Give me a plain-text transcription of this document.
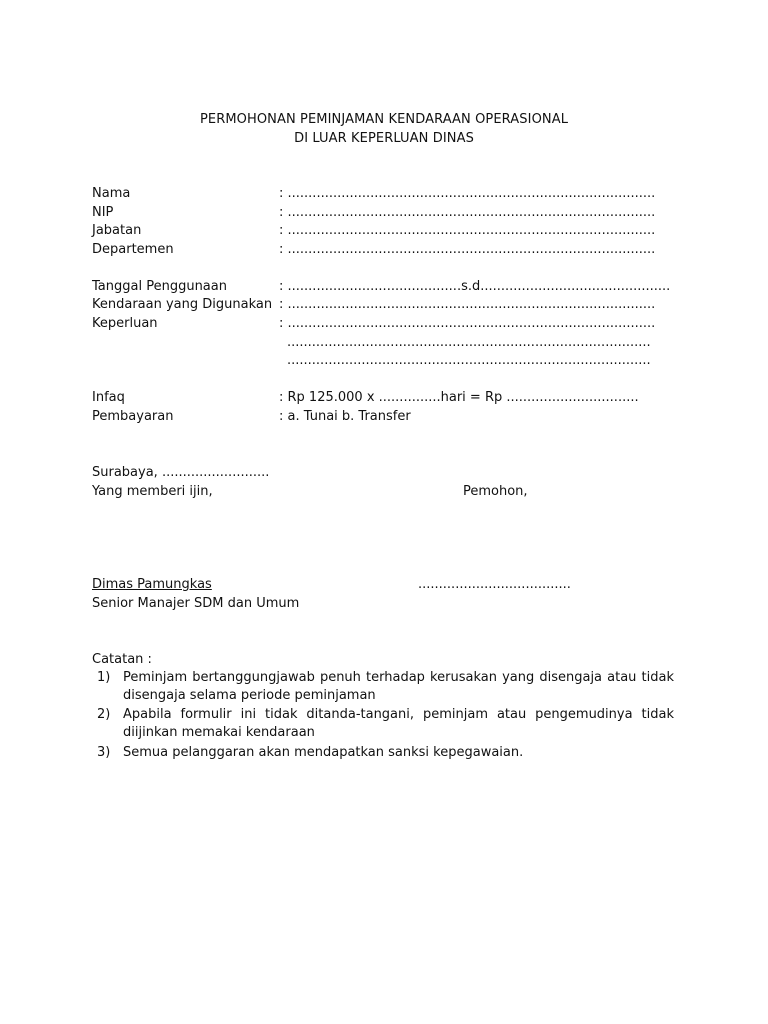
PERMOHONAN PEMINJAMAN KENDARAAN OPERASIONAL
DI LUAR KEPERLUAN DINAS
Nama	: .........................................................................................
NIP	: .........................................................................................
Jabatan	: .........................................................................................
Departemen	: .........................................................................................
Tanggal Penggunaan	: ..........................................s.d..............................................
Kendaraan yang Digunakan : .........................................................................................
Keperluan	: .........................................................................................
........................................................................................
........................................................................................
Infaq	: Rp 125.000 x ...............hari = Rp ................................
Pembayaran	: a. Tunai b. Transfer
Surabaya, ..........................
Yang memberi ijin,	Pemohon,
Dimas Pamungkas	.....................................
Senior Manajer SDM dan Umum
Catatan :
1) Peminjam bertanggungjawab penuh terhadap kerusakan yang disengaja atau tidak disengaja selama periode peminjaman
2) Apabila formulir ini tidak ditanda-tangani, peminjam atau pengemudinya tidak diijinkan memakai kendaraan
3) Semua pelanggaran akan mendapatkan sanksi kepegawaian.
